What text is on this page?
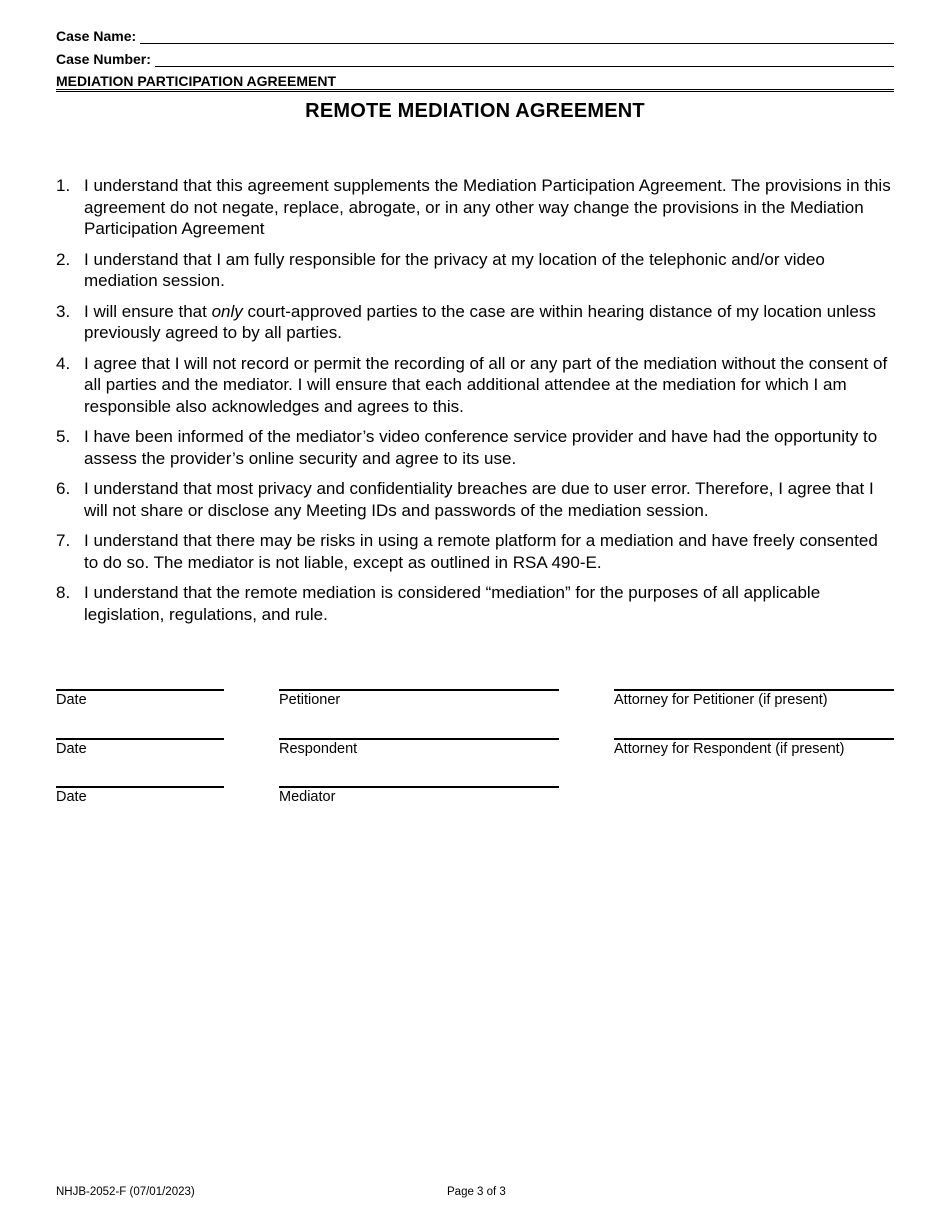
Case Name:
Case Number:
MEDIATION PARTICIPATION AGREEMENT
REMOTE MEDIATION AGREEMENT
1. I understand that this agreement supplements the Mediation Participation Agreement. The provisions in this agreement do not negate, replace, abrogate, or in any other way change the provisions in the Mediation Participation Agreement
2. I understand that I am fully responsible for the privacy at my location of the telephonic and/or video mediation session.
3. I will ensure that only court-approved parties to the case are within hearing distance of my location unless previously agreed to by all parties.
4. I agree that I will not record or permit the recording of all or any part of the mediation without the consent of all parties and the mediator. I will ensure that each additional attendee at the mediation for which I am responsible also acknowledges and agrees to this.
5. I have been informed of the mediator’s video conference service provider and have had the opportunity to assess the provider’s online security and agree to its use.
6. I understand that most privacy and confidentiality breaches are due to user error. Therefore, I agree that I will not share or disclose any Meeting IDs and passwords of the mediation session.
7. I understand that there may be risks in using a remote platform for a mediation and have freely consented to do so. The mediator is not liable, except as outlined in RSA 490-E.
8. I understand that the remote mediation is considered “mediation” for the purposes of all applicable legislation, regulations, and rule.
Date	Petitioner	Attorney for Petitioner (if present)
Date	Respondent	Attorney for Respondent (if present)
Date	Mediator
NHJB-2052-F (07/01/2023)	Page 3 of 3
